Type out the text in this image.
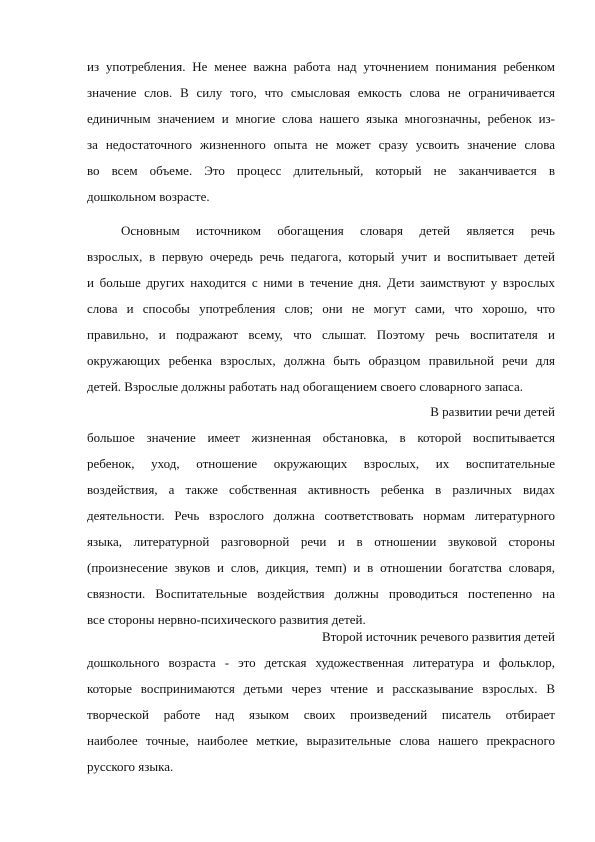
из употребления. Не менее важна работа над уточнением понимания ребенком
значение слов. В силу того, что смысловая емкость слова не ограничивается
единичным значением и многие слова нашего языка многозначны, ребенок из-
за недостаточного жизненного опыта не может сразу усвоить значение слова
во всем объеме. Это процесс длительный, который не заканчивается в
дошкольном возрасте.
Основным источником обогащения словаря детей является речь
взрослых, в первую очередь речь педагога, который учит и воспитывает детей
и больше других находится с ними в течение дня. Дети заимствуют у взрослых
слова и способы употребления слов; они не могут сами, что хорошо, что
правильно, и подражают всему, что слышат. Поэтому речь воспитателя и
окружающих ребенка взрослых, должна быть образцом правильной речи для
детей. Взрослые должны работать над обогащением своего словарного запаса.
В развитии речи детей
большое значение имеет жизненная обстановка, в которой воспитывается
ребенок, уход, отношение окружающих взрослых, их воспитательные
воздействия, а также собственная активность ребенка в различных видах
деятельности. Речь взрослого должна соответствовать нормам литературного
языка, литературной разговорной речи и в отношении звуковой стороны
(произнесение звуков и слов, дикция, темп) и в отношении богатства словаря,
связности. Воспитательные воздействия должны проводиться постепенно на
все стороны нервно-психического развития детей.
Второй источник речевого развития детей
дошкольного возраста - это детская художественная литература и фольклор,
которые воспринимаются детьми через чтение и рассказывание взрослых. В
творческой работе над языком своих произведений писатель отбирает
наиболее точные, наиболее меткие, выразительные слова нашего прекрасного
русского языка.
